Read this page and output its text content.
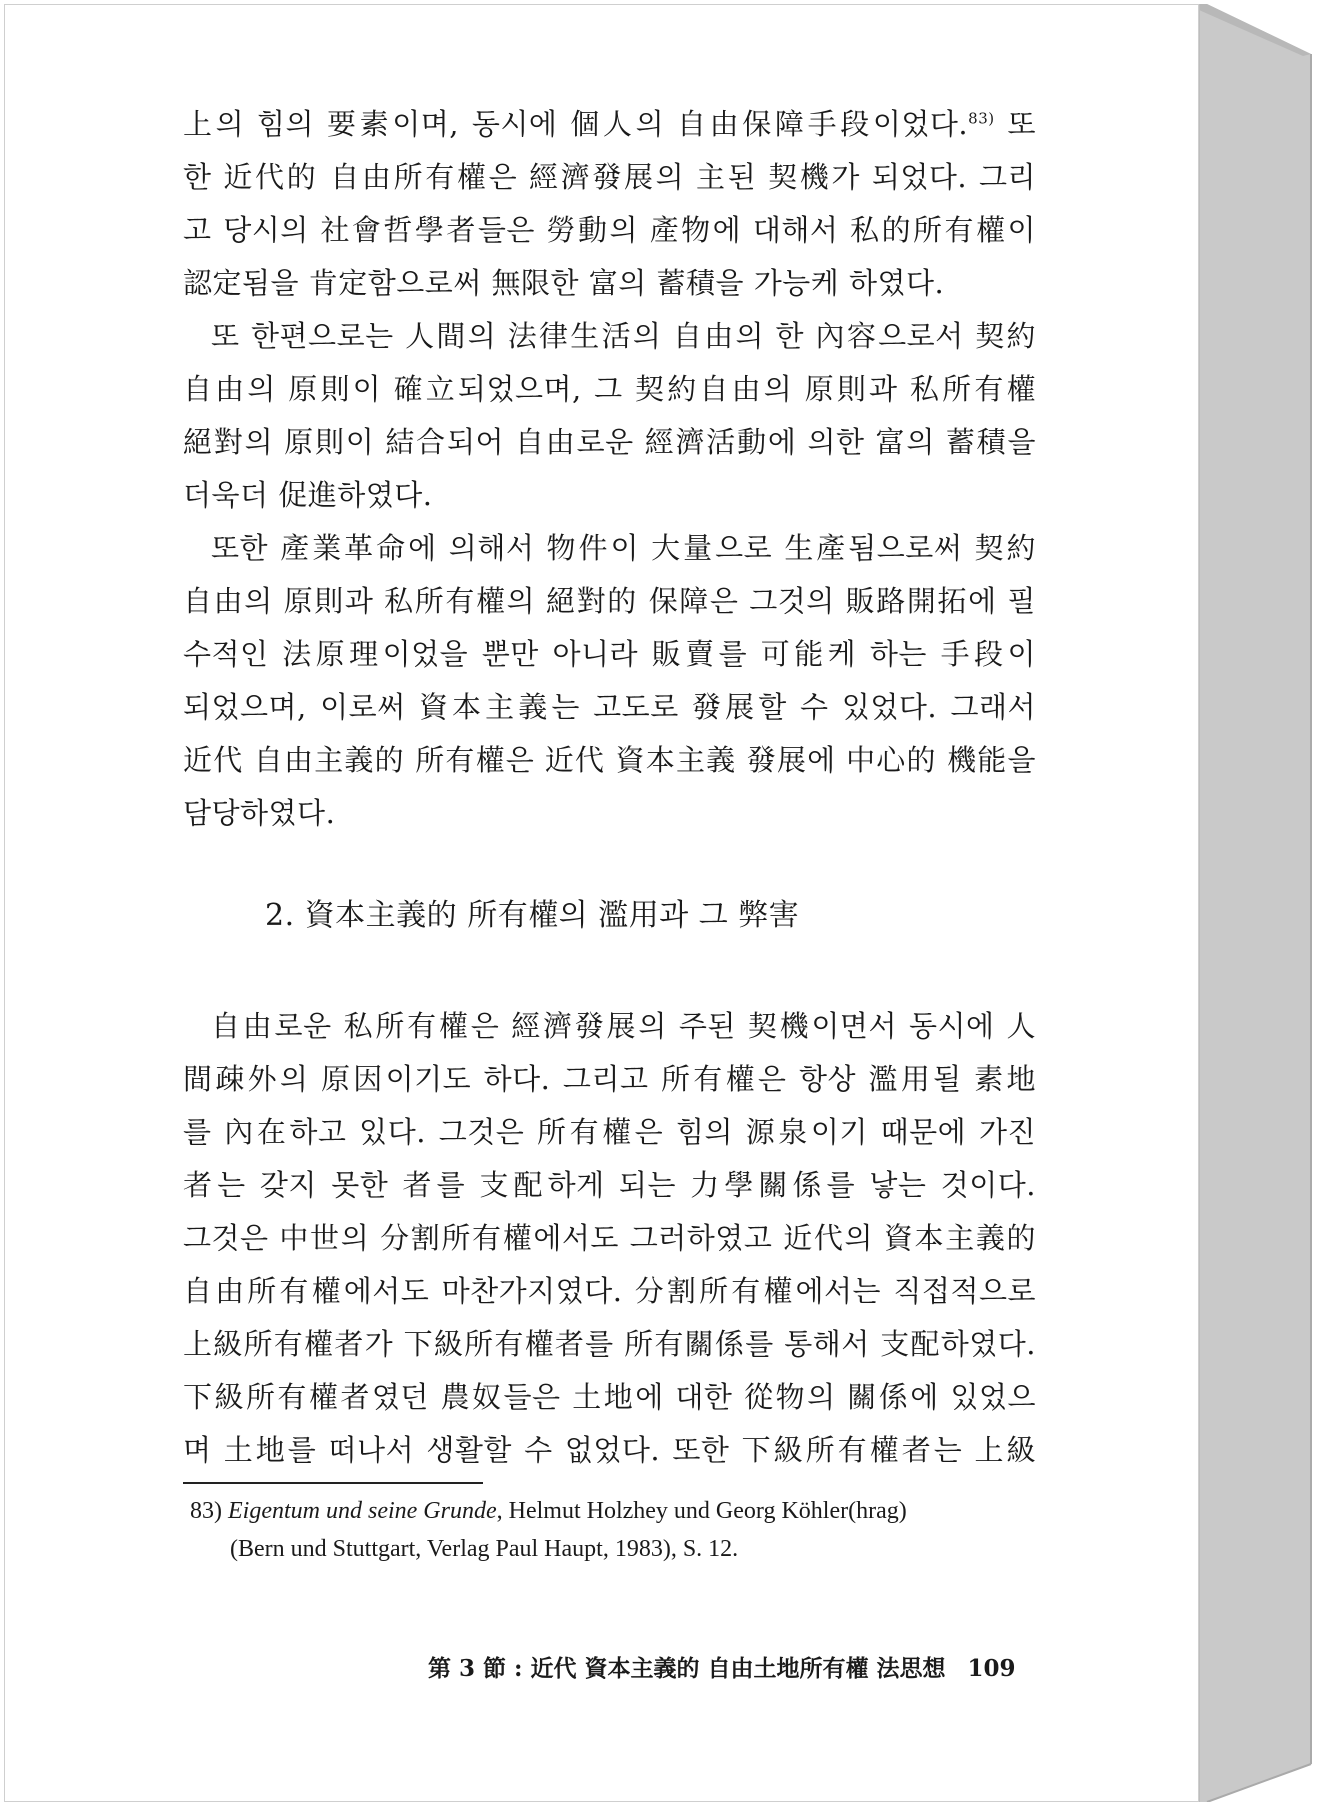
上의 힘의 要素이며, 동시에 個人의 自由保障手段이었다.$^{83)}$ 또
한 近代的 自由所有權은 經濟發展의 主된 契機가 되었다. 그리
고 당시의 社會哲學者들은 勞動의 產物에 대해서 私的所有權이
認定됨을 肯定함으로써 無限한 富의 蓄積을 가능케 하였다.
또 한편으로는 人間의 法律生活의 自由의 한 內容으로서 契約
自由의 原則이 確立되었으며, 그 契約自由의 原則과 私所有權
絕對의 原則이 結合되어 自由로운 經濟活動에 의한 富의 蓄積을
더욱더 促進하였다.
또한 產業革命에 의해서 物件이 大量으로 生產됨으로써 契約
自由의 原則과 私所有權의 絕對的 保障은 그것의 販路開拓에 필
수적인 法原理이었을 뿐만 아니라 販賣를 可能케 하는 手段이
되었으며, 이로써 資本主義는 고도로 發展할 수 있었다. 그래서
近代 自由主義的 所有權은 近代 資本主義 發展에 中心的 機能을
담당하였다.
2. 資本主義的 所有權의 濫用과 그 弊害
自由로운 私所有權은 經濟發展의 주된 契機이면서 동시에 人
間疎外의 原因이기도 하다. 그리고 所有權은 항상 濫用될 素地
를 內在하고 있다. 그것은 所有權은 힘의 源泉이기 때문에 가진
者는 갖지 못한 者를 支配하게 되는 力學關係를 낳는 것이다.
그것은 中世의 分割所有權에서도 그러하였고 近代의 資本主義的
自由所有權에서도 마찬가지였다. 分割所有權에서는 직접적으로
上級所有權者가 下級所有權者를 所有關係를 통해서 支配하였다.
下級所有權者였던 農奴들은 土地에 대한 從物의 關係에 있었으
며 土地를 떠나서 생활할 수 없었다. 또한 下級所有權者는 上級
83) Eigentum und seine Grunde, Helmut Holzhey und Georg Köhler(hrag)
(Bern und Stuttgart, Verlag Paul Haupt, 1983), S. 12.
第 3 節 : 近代 資本主義的 自由土地所有權 法思想 109
